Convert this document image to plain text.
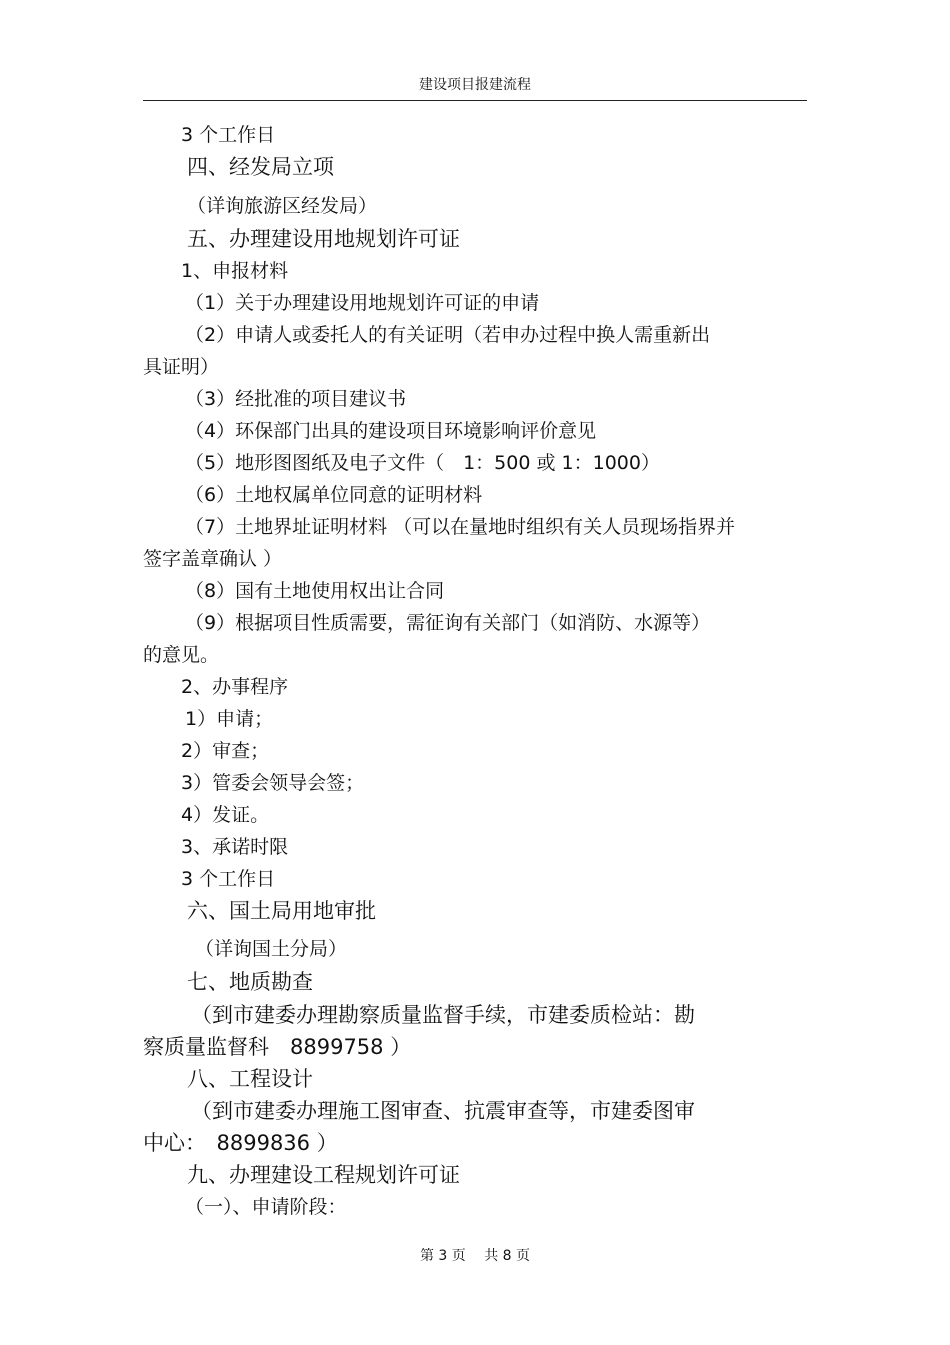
建设项目报建流程
3 个工作日
四、经发局立项
（详询旅游区经发局）
五、办理建设用地规划许可证
1、申报材料
（1）关于办理建设用地规划许可证的申请
（2）申请人或委托人的有关证明（若申办过程中换人需重新出
具证明）
（3）经批准的项目建议书
（4）环保部门出具的建设项目环境影响评价意见
（5）地形图图纸及电子文件（　1：500 或 1：1000）
（6）土地权属单位同意的证明材料
（7）土地界址证明材料 （可以在量地时组织有关人员现场指界并
签字盖章确认 ）
（8）国有土地使用权出让合同
（9）根据项目性质需要，需征询有关部门（如消防、水源等）
的意见。
2、办事程序
1）申请；
2）审查；
3）管委会领导会签；
4）发证。
3、承诺时限
3 个工作日
六、国土局用地审批
（详询国土分局）
七、地质勘查
（到市建委办理勘察质量监督手续，市建委质检站：勘
察质量监督科　8899758 ）
八、工程设计
（到市建委办理施工图审查、抗震审查等，市建委图审
中心：　8899836 ）
九、办理建设工程规划许可证
（一）、申请阶段：
第 3 页　 共 8 页
